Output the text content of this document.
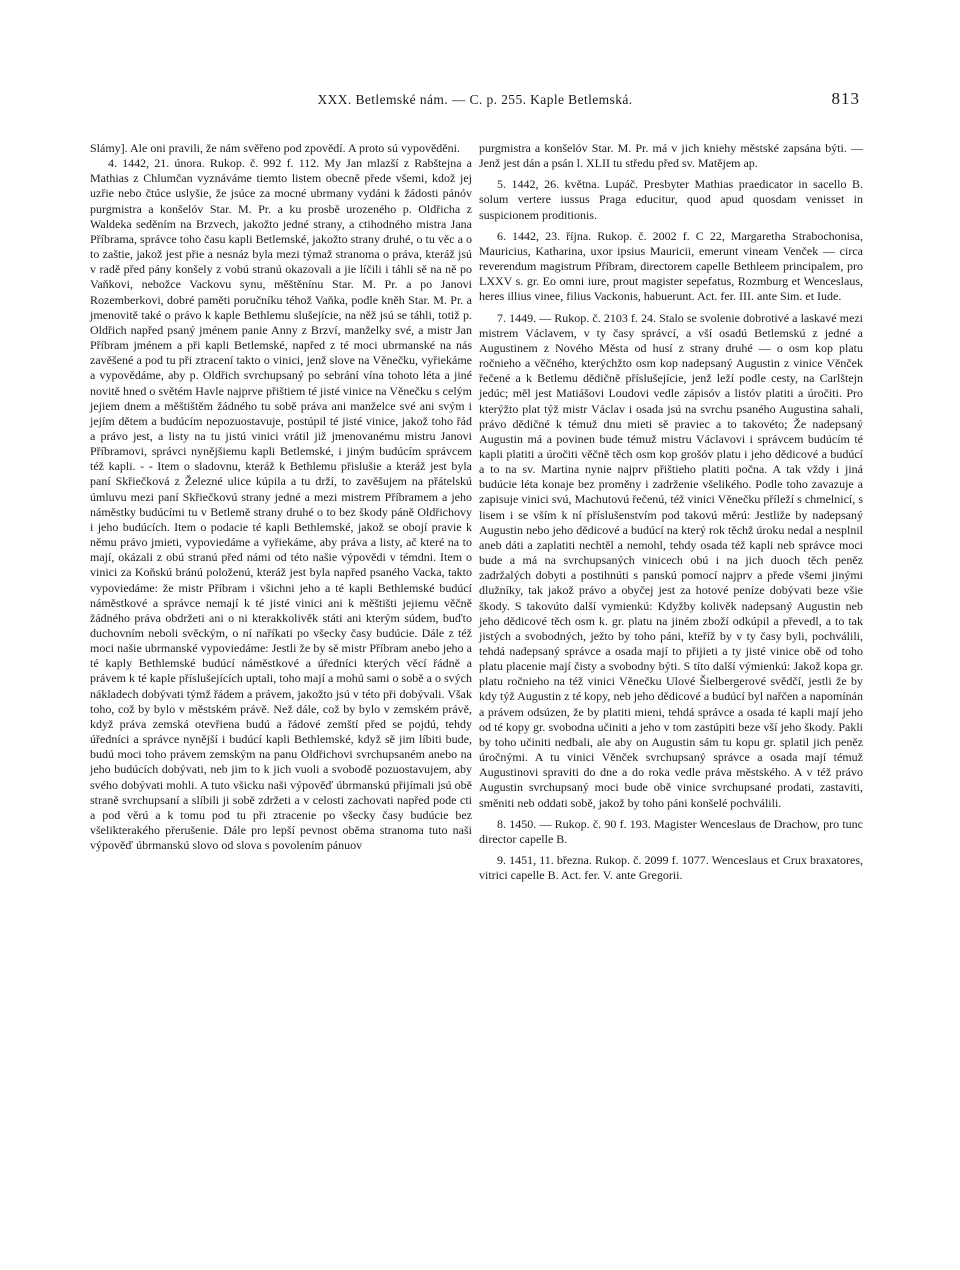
XXX. Betlemské nám. — C. p. 255. Kaple Betlemská.	813

Slámy]. Ale oni pravili, že nám svěřeno pod zpovědí. A proto sú vypověděni.

4. 1442, 21. února. Rukop. č. 992 f. 112. My Jan mlazší z Rabštejna a Mathias z Chlumčan vyznáváme tiemto listem obecně přede všemi, kdož jej uzřie nebo čtúce uslyšie, že jsúce za mocné ubrmany vydáni k žádosti pánóv purgmistra a konšelóv Star. M. Pr. a ku prosbě urozeného p. Oldřicha z Waldeka seděním na Brzvech, jakožto jedné strany, a ctihodného mistra Jana Příbrama, správce toho času kapli Betlemské, jakožto strany druhé, o tu věc a o to zaštie, jakož jest přie a nesnáz byla mezi týmaž stranoma o práva, kteráž jsú v radě před pány konšely z vobú stranú okazovali a jie líčili i táhli sě na ně po Vaňkovi, nebožce Vackovu synu, měštěnínu Star. M. Pr. a po Janovi Rozemberkovi, dobré paměti poručníku téhož Vaňka, podle kněh Star. M. Pr. a jmenovitě také o právo k kaple Bethlemu slušejície, na něž jsú se táhli, totiž p. Oldřich napřed psaný jménem panie Anny z Brzví, manželky své, a mistr Jan Příbram jménem a při kapli Betlemské, napřed z té moci ubrmanské na nás zavěšené a pod tu při ztracení takto o vinici, jenž slove na Věnečku, vyřiekáme a vypovědáme, aby p. Oldřich svrchupsaný po sebrání vína tohoto léta a jiné novitě hned o světém Havle najprve přištiem té jisté vinice na Věnečku s celým jejiem dnem a měštištěm žádného tu sobě práva ani manželce své ani svým i jejím dětem a budúcím nepozuostavuje, postúpil té jisté vinice, jakož toho řád a právo jest, a listy na tu jistú vinici vrátil již jmenovanému mistru Janovi Příbramovi, správci nynějšiemu kapli Betlemské, i jiným budúcím správcem též kapli. - - Item o sladovnu, kteráž k Bethlemu přislušie a kteráž jest byla paní Skřiečková z Železné ulice kúpila a tu drží, to zavěšujem na přátelskú úmluvu mezi paní Skřiečkovú strany jedné a mezi mistrem Příbramem a jeho náměstky budúcími tu v Betlemě strany druhé o to bez škody páně Oldřichovy i jeho budúcích. Item o podacie té kapli Bethlemské, jakož se obojí pravie k němu právo jmieti, vypoviedáme a vyřiekáme, aby práva a listy, ač které na to mají, okázali z obú stranú před námi od této našie výpovědi v témdni. Item o vinici za Koňskú bránú položenú, kteráž jest byla napřed psaného Vacka, takto vypoviedáme: že mistr Příbram i všichni jeho a té kapli Bethlemské budúcí náměstkové a správce nemají k té jisté vinici ani k měštišti jejiemu věčně žádného práva obdržeti ani o ni kterakkolivěk státi ani kterým súdem, buďto duchovním neboli svěckým, o ní naříkati po všecky časy budúcie. Dále z též moci našie ubrmanské vypoviedáme: Jestli že by sě mistr Příbram anebo jeho a té kaply Bethlemské budúcí náměstkové a úředníci kterých věcí řádně a právem k té kaple příslušejících uptali, toho mají a mohú sami o sobě a o svých nákladech dobývati týmž řádem a právem, jakožto jsú v této při dobývali. Však toho, což by bylo v městském právě. Než dále, což by bylo v zemském právě, když práva zemská otevřiena budú a řádové zemští před se pojdú, tehdy úředníci a správce nynější i budúcí kapli Bethlemské, když sě jim líbiti bude, budú moci toho právem zemským na panu Oldřichovi svrchupsaném anebo na jeho budúcích dobývati, neb jim to k jich vuoli a svobodě pozuostavujem, aby svého dobývati mohli. A tuto všicku naši výpověď úbrmanskú přijímali jsú obě straně svrchupsaní a slíbili ji sobě zdržeti a v celosti zachovati napřed pode cti a pod věrú a k tomu pod tu při ztracenie po všecky časy budúcie bez všelikterakého přerušenie. Dále pro lepší pevnost oběma stranoma tuto naši výpověď úbrmanskú slovo od slova s povolením pánuov

purgmistra a konšelóv Star. M. Pr. má v jich kniehy městské zapsána býti. — Jenž jest dán a psán l. XLII tu středu před sv. Matějem ap.

5. 1442, 26. května. Lupáč. Presbyter Mathias praedicator in sacello B. solum vertere iussus Praga educitur, quod apud quosdam venisset in suspicionem proditionis.

6. 1442, 23. října. Rukop. č. 2002 f. C 22, Margaretha Strabochonisa, Mauricius, Katharina, uxor ipsius Mauricii, emerunt vineam Venček — circa reverendum magistrum Příbram, directorem capelle Bethleem principalem, pro LXXV s. gr. Eo omni iure, prout magister sepefatus, Rozmburg et Wenceslaus, heres illius vinee, filius Vackonis, habuerunt. Act. fer. III. ante Sim. et Iude.

7. 1449. — Rukop. č. 2103 f. 24. Stalo se svolenie dobrotivé a laskavé mezi mistrem Václavem, v ty časy správcí, a vší osadú Betlemskú z jedné a Augustinem z Nového Města od husí z strany druhé — o osm kop platu ročnieho a věčného, kterýchžto osm kop nadepsaný Augustin z vinice Věnček řečené a k Betlemu dědičně příslušejície, jenž leží podle cesty, na Carlštejn jedúc; měl jest Matiášovi Loudovi vedle zápisóv a listóv platiti a úročiti. Pro kterýžto plat týž mistr Václav i osada jsú na svrchu psaného Augustina sahali, právo dědičné k témuž dnu mieti sě praviec a to takovéto; Že nadepsaný Augustin má a povinen bude témuž mistru Václavovi i správcem budúcím té kapli platiti a úročiti věčně těch osm kop grošóv platu i jeho dědicové a budúcí a to na sv. Martina nynie najprv přištieho platiti počna. A tak vždy i jiná budúcie léta konaje bez proměny i zadrženie všelikého. Podle toho zavazuje a zapisuje vinici svú, Machutovú řečenú, též vinici Věnečku příleží s chmelnicí, s lisem i se vším k ní příslušenstvím pod takovú měrú: Jestliže by nadepsaný Augustin nebo jeho dědicové a budúcí na který rok těchž úroku nedal a nesplnil aneb dáti a zaplatiti nechtěl a nemohl, tehdy osada též kapli neb správce moci bude a má na svrchupsaných vinicech obú i na jich duoch těch peněz zadržalých dobyti a postihnúti s panskú pomocí najprv a přede všemi jinými dlužníky, tak jakož právo a obyčej jest za hotové peníze dobývati beze všie škody. S takovúto další vymienkú: Kdyžby kolivěk nadepsaný Augustin neb jeho dědicové těch osm k. gr. platu na jiném zboží odkúpil a převedl, a to tak jistých a svobodných, ježto by toho páni, kteříž by v ty časy byli, pochválili, tehdá nadepsaný správce a osada mají to přijieti a ty jisté vinice obě od toho platu placenie mají čisty a svobodny býti. S títo další výmienkú: Jakož kopa gr. platu ročnieho na též vinici Věnečku Ulové Šielbergerové svědčí, jestli že by kdy týž Augustin z té kopy, neb jeho dědicové a budúcí byl nařčen a napomínán a právem odsúzen, že by platiti mieni, tehdá správce a osada té kapli mají jeho od té kopy gr. svobodna učiniti a jeho v tom zastúpiti beze vší jeho škody. Pakli by toho učiniti nedbali, ale aby on Augustin sám tu kopu gr. splatil jich peněz úročnými. A tu vinici Věnček svrchupsaný správce a osada mají témuž Augustinovi spraviti do dne a do roka vedle práva městského. A v též právo Augustin svrchupsaný moci bude obě vinice svrchupsané prodati, zastaviti, směniti neb oddati sobě, jakož by toho páni konšelé pochválili.

8. 1450. — Rukop. č. 90 f. 193. Magister Wenceslaus de Drachow, pro tunc director capelle B.

9. 1451, 11. března. Rukop. č. 2099 f. 1077. Wenceslaus et Crux braxatores, vitrici capelle B. Act. fer. V. ante Gregorii.
